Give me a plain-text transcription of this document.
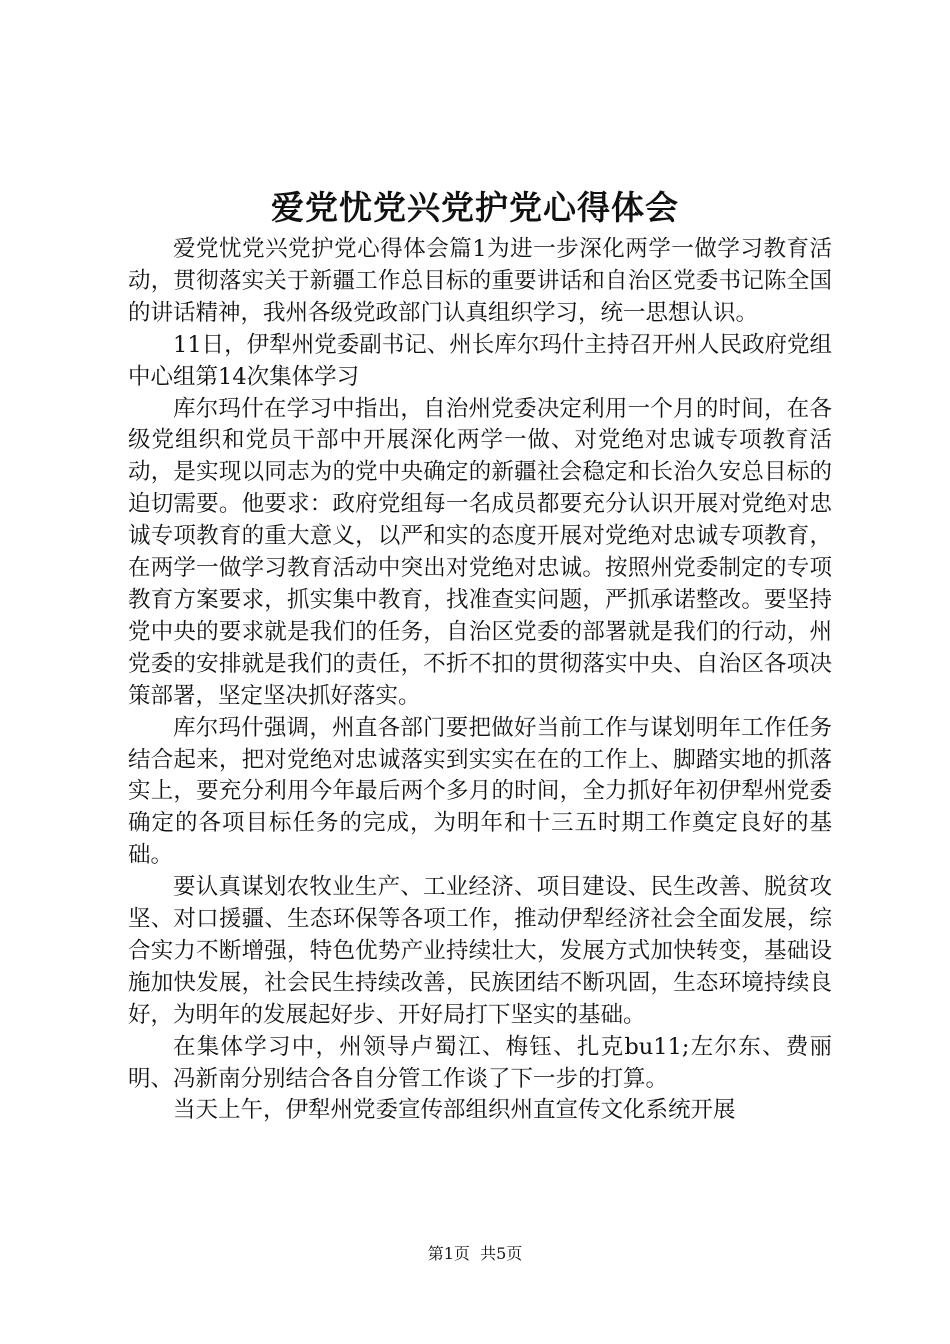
爱党忧党兴党护党心得体会

爱党忧党兴党护党心得体会篇1为进一步深化两学一做学习教育活动，贯彻落实关于新疆工作总目标的重要讲话和自治区党委书记陈全国的讲话精神，我州各级党政部门认真组织学习，统一思想认识。

11日，伊犁州党委副书记、州长库尔玛什主持召开州人民政府党组中心组第14次集体学习

库尔玛什在学习中指出，自治州党委决定利用一个月的时间，在各级党组织和党员干部中开展深化两学一做、对党绝对忠诚专项教育活动，是实现以同志为的党中央确定的新疆社会稳定和长治久安总目标的迫切需要。他要求：政府党组每一名成员都要充分认识开展对党绝对忠诚专项教育的重大意义，以严和实的态度开展对党绝对忠诚专项教育，在两学一做学习教育活动中突出对党绝对忠诚。按照州党委制定的专项教育方案要求，抓实集中教育，找准查实问题，严抓承诺整改。要坚持党中央的要求就是我们的任务，自治区党委的部署就是我们的行动，州党委的安排就是我们的责任，不折不扣的贯彻落实中央、自治区各项决策部署，坚定坚决抓好落实。

库尔玛什强调，州直各部门要把做好当前工作与谋划明年工作任务结合起来，把对党绝对忠诚落实到实实在在的工作上、脚踏实地的抓落实上，要充分利用今年最后两个多月的时间，全力抓好年初伊犁州党委确定的各项目标任务的完成，为明年和十三五时期工作奠定良好的基础。

要认真谋划农牧业生产、工业经济、项目建设、民生改善、脱贫攻坚、对口援疆、生态环保等各项工作，推动伊犁经济社会全面发展，综合实力不断增强，特色优势产业持续壮大，发展方式加快转变，基础设施加快发展，社会民生持续改善，民族团结不断巩固，生态环境持续良好，为明年的发展起好步、开好局打下坚实的基础。

在集体学习中，州领导卢蜀江、梅钰、扎克bu11;左尔东、费丽明、冯新南分别结合各自分管工作谈了下一步的打算。

当天上午，伊犁州党委宣传部组织州直宣传文化系统开展

第1页 共5页
